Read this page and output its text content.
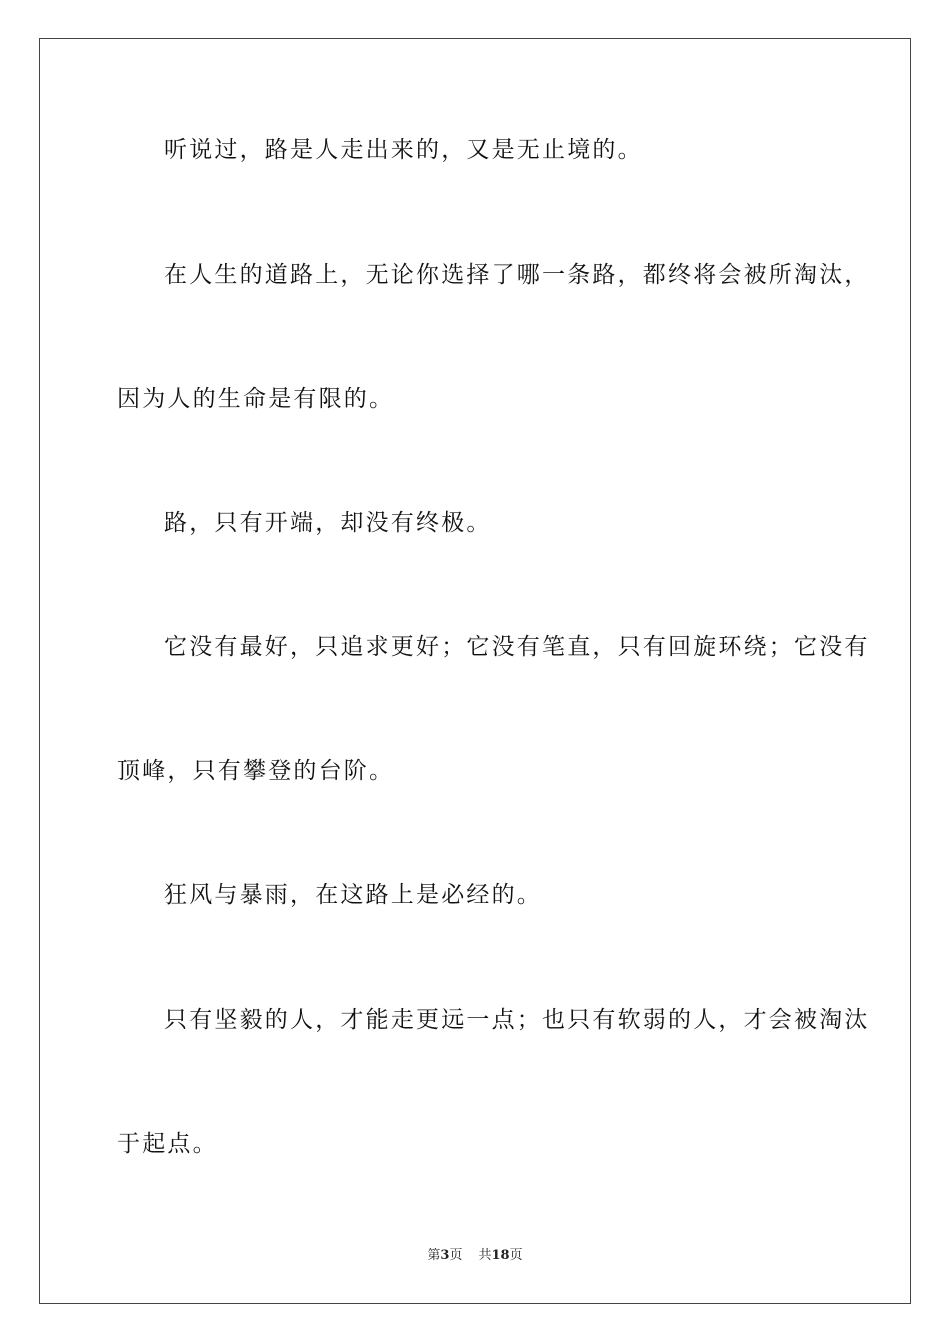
听说过，路是人走出来的，又是无止境的。
在人生的道路上，无论你选择了哪一条路，都终将会被所淘汰，
因为人的生命是有限的。
路，只有开端，却没有终极。
它没有最好，只追求更好；它没有笔直，只有回旋环绕；它没有
顶峰，只有攀登的台阶。
狂风与暴雨，在这路上是必经的。
只有坚毅的人，才能走更远一点；也只有软弱的人，才会被淘汰
于起点。
第3页 共18页
